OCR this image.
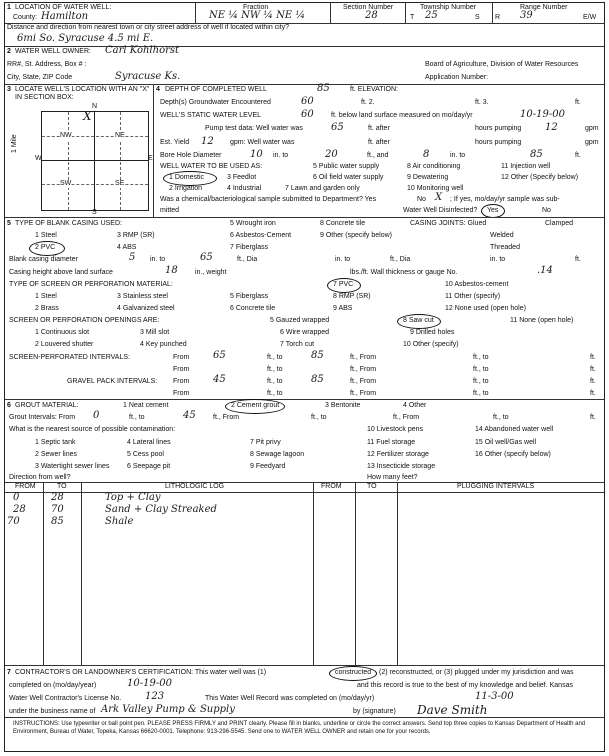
1 LOCATION OF WATER WELL:	Fraction	Section Number	Township Number	Range Number
County: Hamilton	NE ¼ NW ¼ NE ¼	28	T 25	S R 39	E/W
Distance and direction from nearest town or city street address of well if located within city?
6mi So. Syracuse 4.5 mi E.
2 WATER WELL OWNER: Carl Kohlhorst
RR#, St. Address, Box # :	Board of Agriculture, Division of Water Resources
City, State, ZIP Code	Syracuse Ks.	Application Number:
3 LOCATE WELL'S LOCATION WITH AN "X" IN SECTION BOX:
N
NW	NE
SW	SE
X
W	E
S
1 Mile
4 DEPTH OF COMPLETED WELL	85	ft. ELEVATION:
Depth(s) Groundwater Encountered	60	ft. 2.	ft. 3.	ft.
WELL'S STATIC WATER LEVEL	60 ft. below land surface measured on mo/day/yr	10-19-00
Pump test data: Well water was	65	ft. after	hours pumping 12	gpm
Est. Yield 12 gpm: Well water was	ft. after	hours pumping	gpm
Bore Hole Diameter	10 in. to	20	ft., and	8	in. to	85	ft.
WELL WATER TO BE USED AS:	5 Public water supply	8 Air conditioning	11 Injection well
1 Domestic	3 Feedlot	6 Oil field water supply	9 Dewatering	12 Other (Specify below)
2 Irrigation	4 Industrial	7 Lawn and garden only	10 Monitoring well
Was a chemical/bacteriological sample submitted to Department? Yes	No X ; If yes, mo/day/yr sample was sub-
mitted	Water Well Disinfected? Yes	No
5 TYPE OF BLANK CASING USED:	5 Wrought iron	8 Concrete tile	CASING JOINTS: Glued	Clamped
1 Steel	3 RMP (SR)	6 Asbestos-Cement	9 Other (specify below)	Welded
2 PVC	4 ABS	7 Fiberglass	Threaded
Blank casing diameter	5 in. to	65	ft., Dia	in. to	ft., Dia	in. to	ft.
Casing height above land surface	18 in., weight	lbs./ft. Wall thickness or gauge No.	.14
TYPE OF SCREEN OR PERFORATION MATERIAL:	7 PVC	10 Asbestos-cement
1 Steel	3 Stainless steel	5 Fiberglass	8 RMP (SR)	11 Other (specify)
2 Brass	4 Galvanized steel	6 Concrete tile	9 ABS	12 None used (open hole)
SCREEN OR PERFORATION OPENINGS ARE:	5 Gauzed wrapped	8 Saw cut	11 None (open hole)
1 Continuous slot	3 Mill slot	6 Wire wrapped	9 Drilled holes
2 Louvered shutter	4 Key punched	7 Torch cut	10 Other (specify)
SCREEN-PERFORATED INTERVALS:	From 65	ft., to	85	ft., From	ft., to	ft.
From	ft., to	ft., From	ft., to	ft.
GRAVEL PACK INTERVALS: From 45	ft., to	85	ft., From	ft., to	ft.
From	ft., to	ft., From	ft., to	ft.
6 GROUT MATERIAL:	1 Neat cement	2 Cement grout	3 Bentonite	4 Other
Grout Intervals: From 0	ft., to	45 ft., From	ft., to	ft., From	ft., to	ft.
What is the nearest source of possible contamination:	10 Livestock pens	14 Abandoned water well
1 Septic tank	4 Lateral lines	7 Pit privy	11 Fuel storage	15 Oil well/Gas well
2 Sewer lines	5 Cess pool	8 Sewage lagoon	12 Fertilizer storage	16 Other (specify below)
3 Watertight sewer lines	6 Seepage pit	9 Feedyard	13 Insecticide storage
Direction from well?	How many feet?
FROM	TO	LITHOLOGIC LOG	FROM	TO	PLUGGING INTERVALS
0	28	Top + Clay
28	70	Sand + Clay Streaked
70	85	Shale
7 CONTRACTOR'S OR LANDOWNER'S CERTIFICATION: This water well was (1)	constructed (2) reconstructed, or (3) plugged under my jurisdiction and was
completed on (mo/day/year)	10-19-00	and this record is true to the best of my knowledge and belief. Kansas
Water Well Contractor's License No. 123	This Water Well Record was completed on (mo/day/yr)	11-3-00
under the business name of Ark Valley Pump & Supply	by (signature) Dave Smith
INSTRUCTIONS: Use typewriter or ball point pen. PLEASE PRESS FIRMLY and PRINT clearly. Please fill in blanks, underline or circle the correct answers. Send top three copies to Kansas Department of Health and Environment, Bureau of Water, Topeka, Kansas 66620-0001. Telephone: 913-296-5545. Send one to WATER WELL OWNER and retain one for your records.
